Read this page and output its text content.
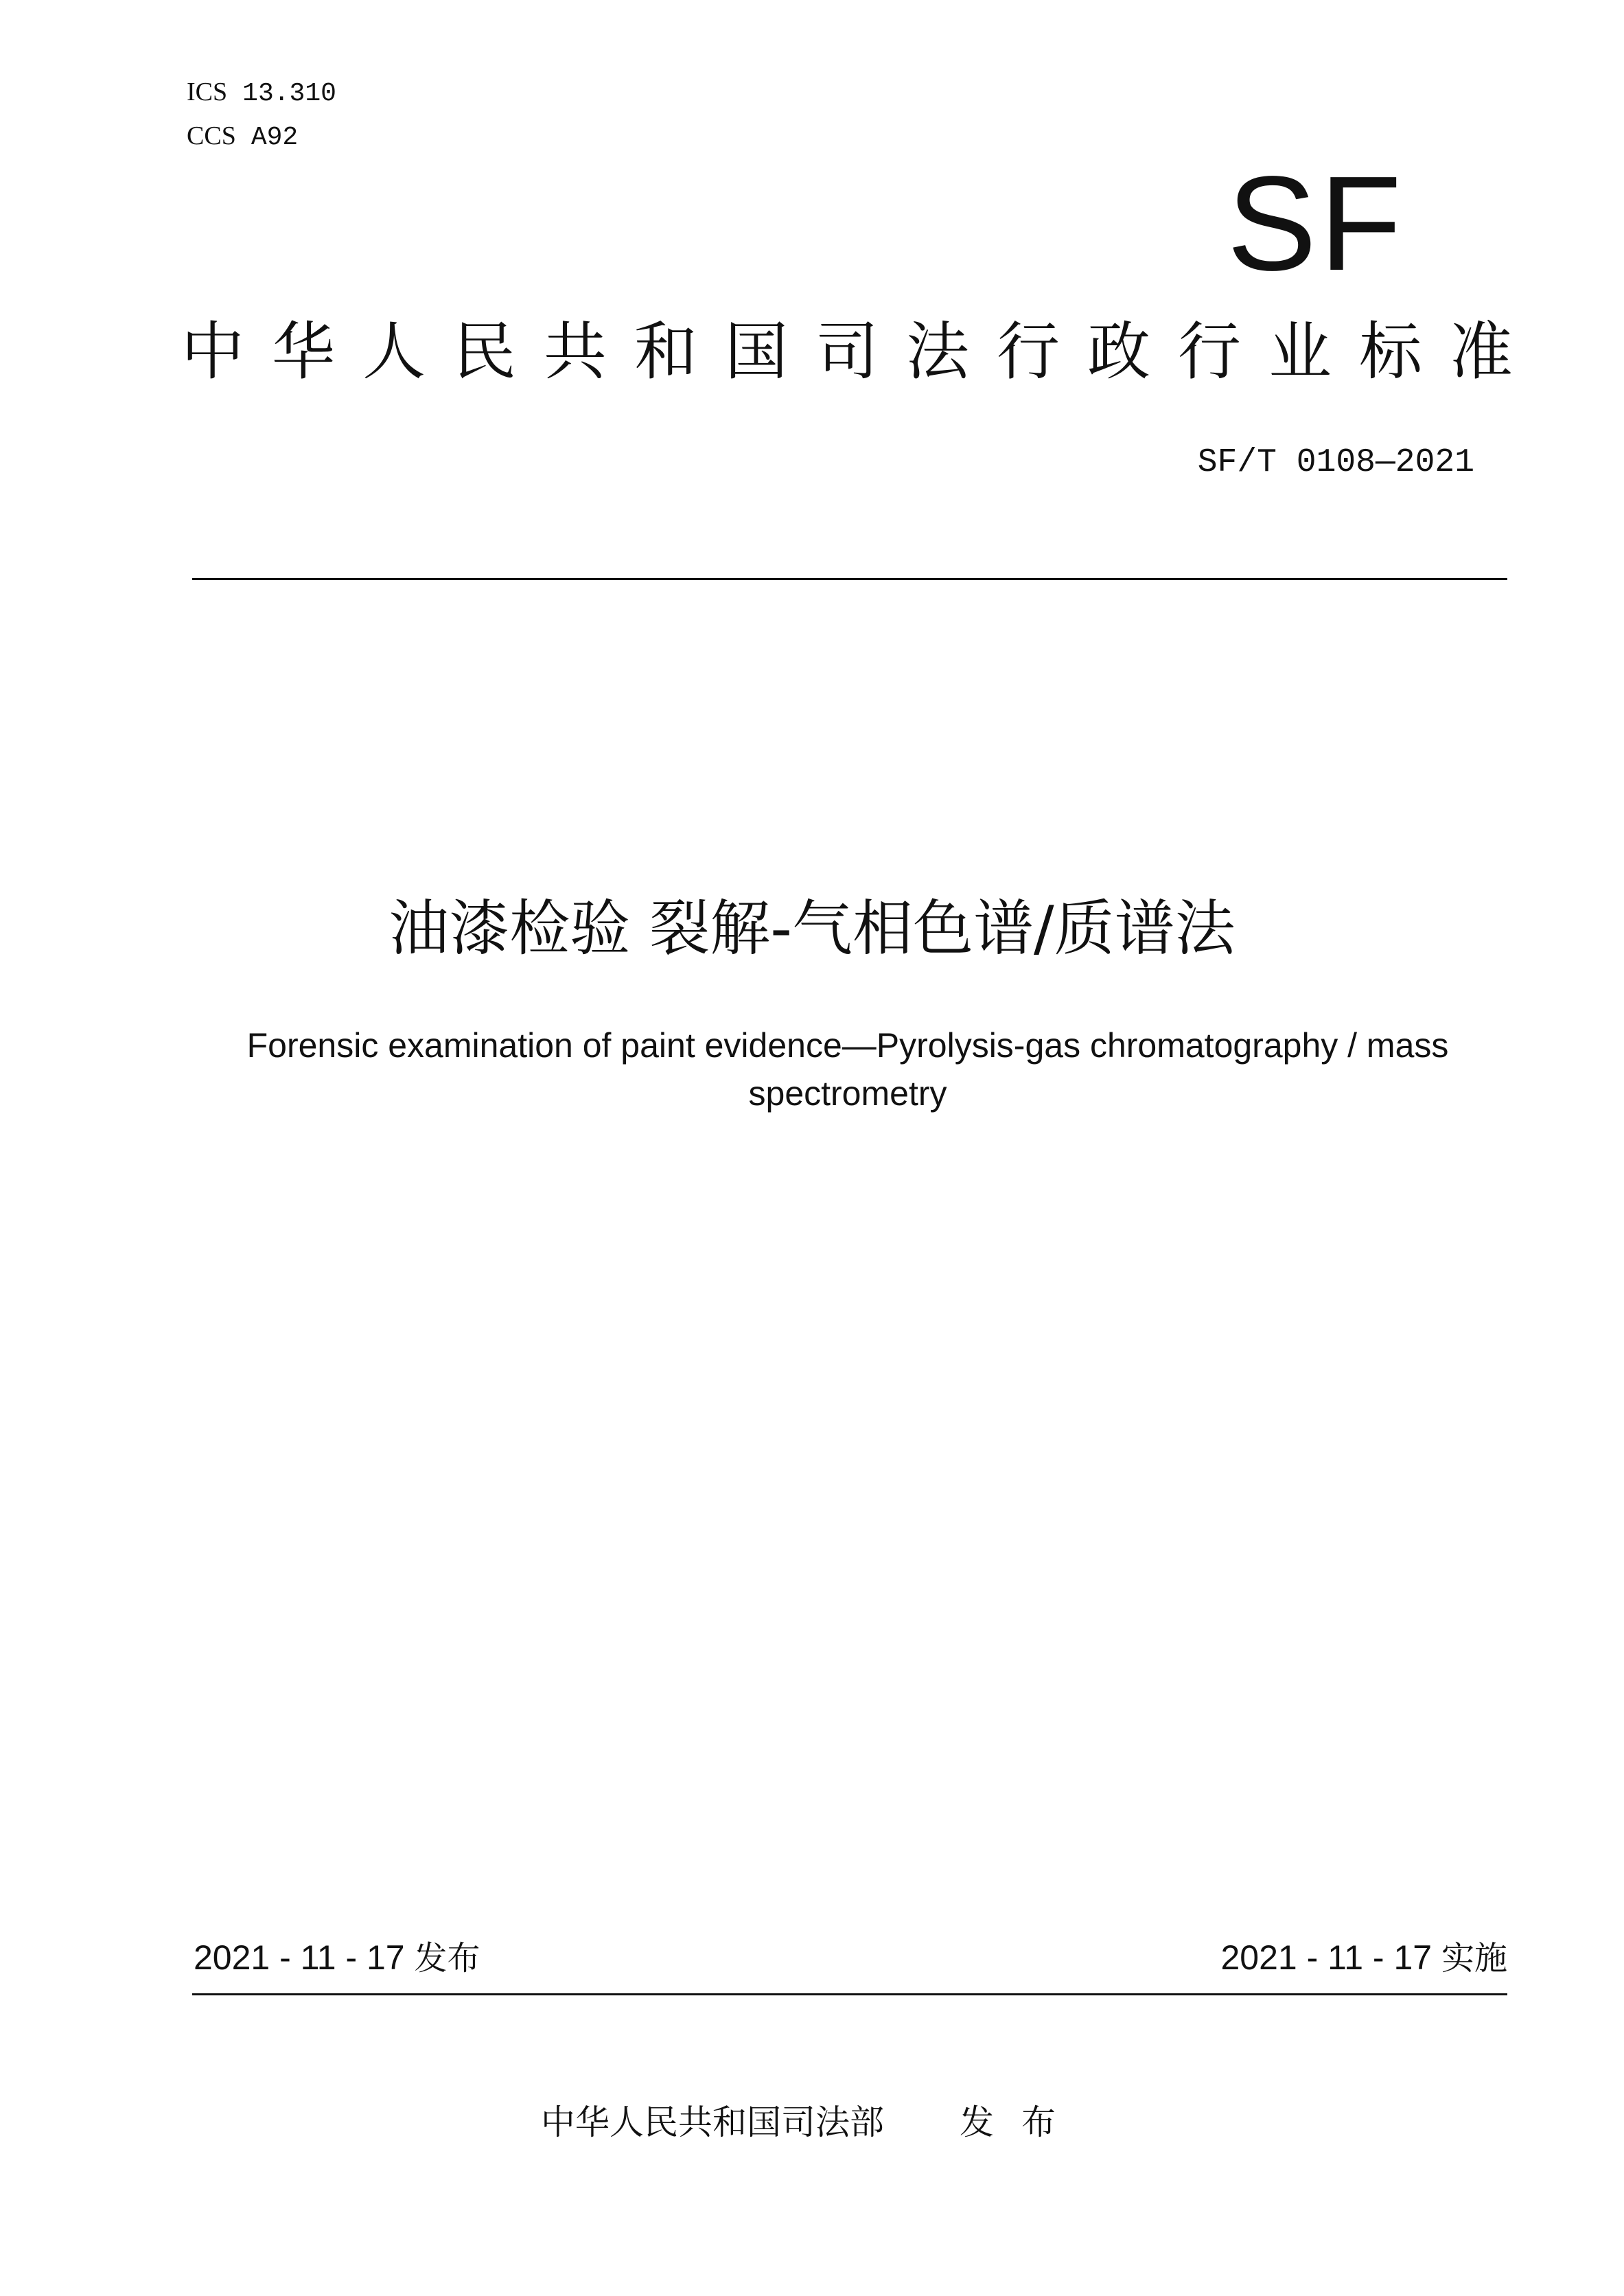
ICS 13.310
CCS A92
SF
中华人民共和国司法行政行业标准
SF/T 0108—2021
油漆检验 裂解-气相色谱/质谱法
Forensic examination of paint evidence—Pyrolysis-gas chromatography / mass spectrometry
2021 - 11 - 17 发布	2021 - 11 - 17 实施
中华人民共和国司法部 发布
